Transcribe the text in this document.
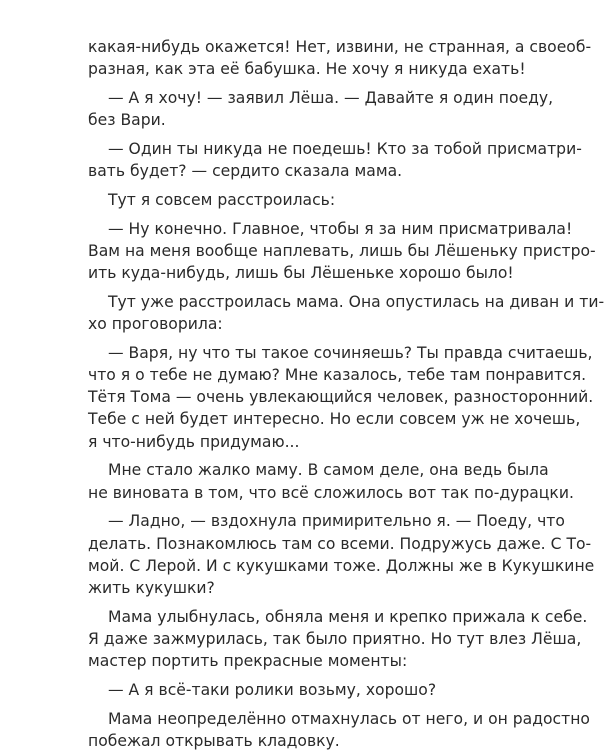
какая-нибудь окажется! Нет, извини, не странная, а своеоб-
разная, как эта её бабушка. Не хочу я никуда ехать!
— А я хочу! — заявил Лёша. — Давайте я один поеду,
без Вари.
— Один ты никуда не поедешь! Кто за тобой присматри-
вать будет? — сердито сказала мама.
Тут я совсем расстроилась:
— Ну конечно. Главное, чтобы я за ним присматривала!
Вам на меня вообще наплевать, лишь бы Лёшеньку пристро-
ить куда-нибудь, лишь бы Лёшеньке хорошо было!
Тут уже расстроилась мама. Она опустилась на диван и ти-
хо проговорила:
— Варя, ну что ты такое сочиняешь? Ты правда считаешь,
что я о тебе не думаю? Мне казалось, тебе там понравится.
Тётя Тома — очень увлекающийся человек, разносторонний.
Тебе с ней будет интересно. Но если совсем уж не хочешь,
я что-нибудь придумаю...
Мне стало жалко маму. В самом деле, она ведь была
не виновата в том, что всё сложилось вот так по-дурацки.
— Ладно, — вздохнула примирительно я. — Поеду, что
делать. Познакомлюсь там со всеми. Подружусь даже. С То-
мой. С Лерой. И с кукушками тоже. Должны же в Кукушкине
жить кукушки?
Мама улыбнулась, обняла меня и крепко прижала к себе.
Я даже зажмурилась, так было приятно. Но тут влез Лёша,
мастер портить прекрасные моменты:
— А я всё-таки ролики возьму, хорошо?
Мама неопределённо отмахнулась от него, и он радостно
побежал открывать кладовку.
